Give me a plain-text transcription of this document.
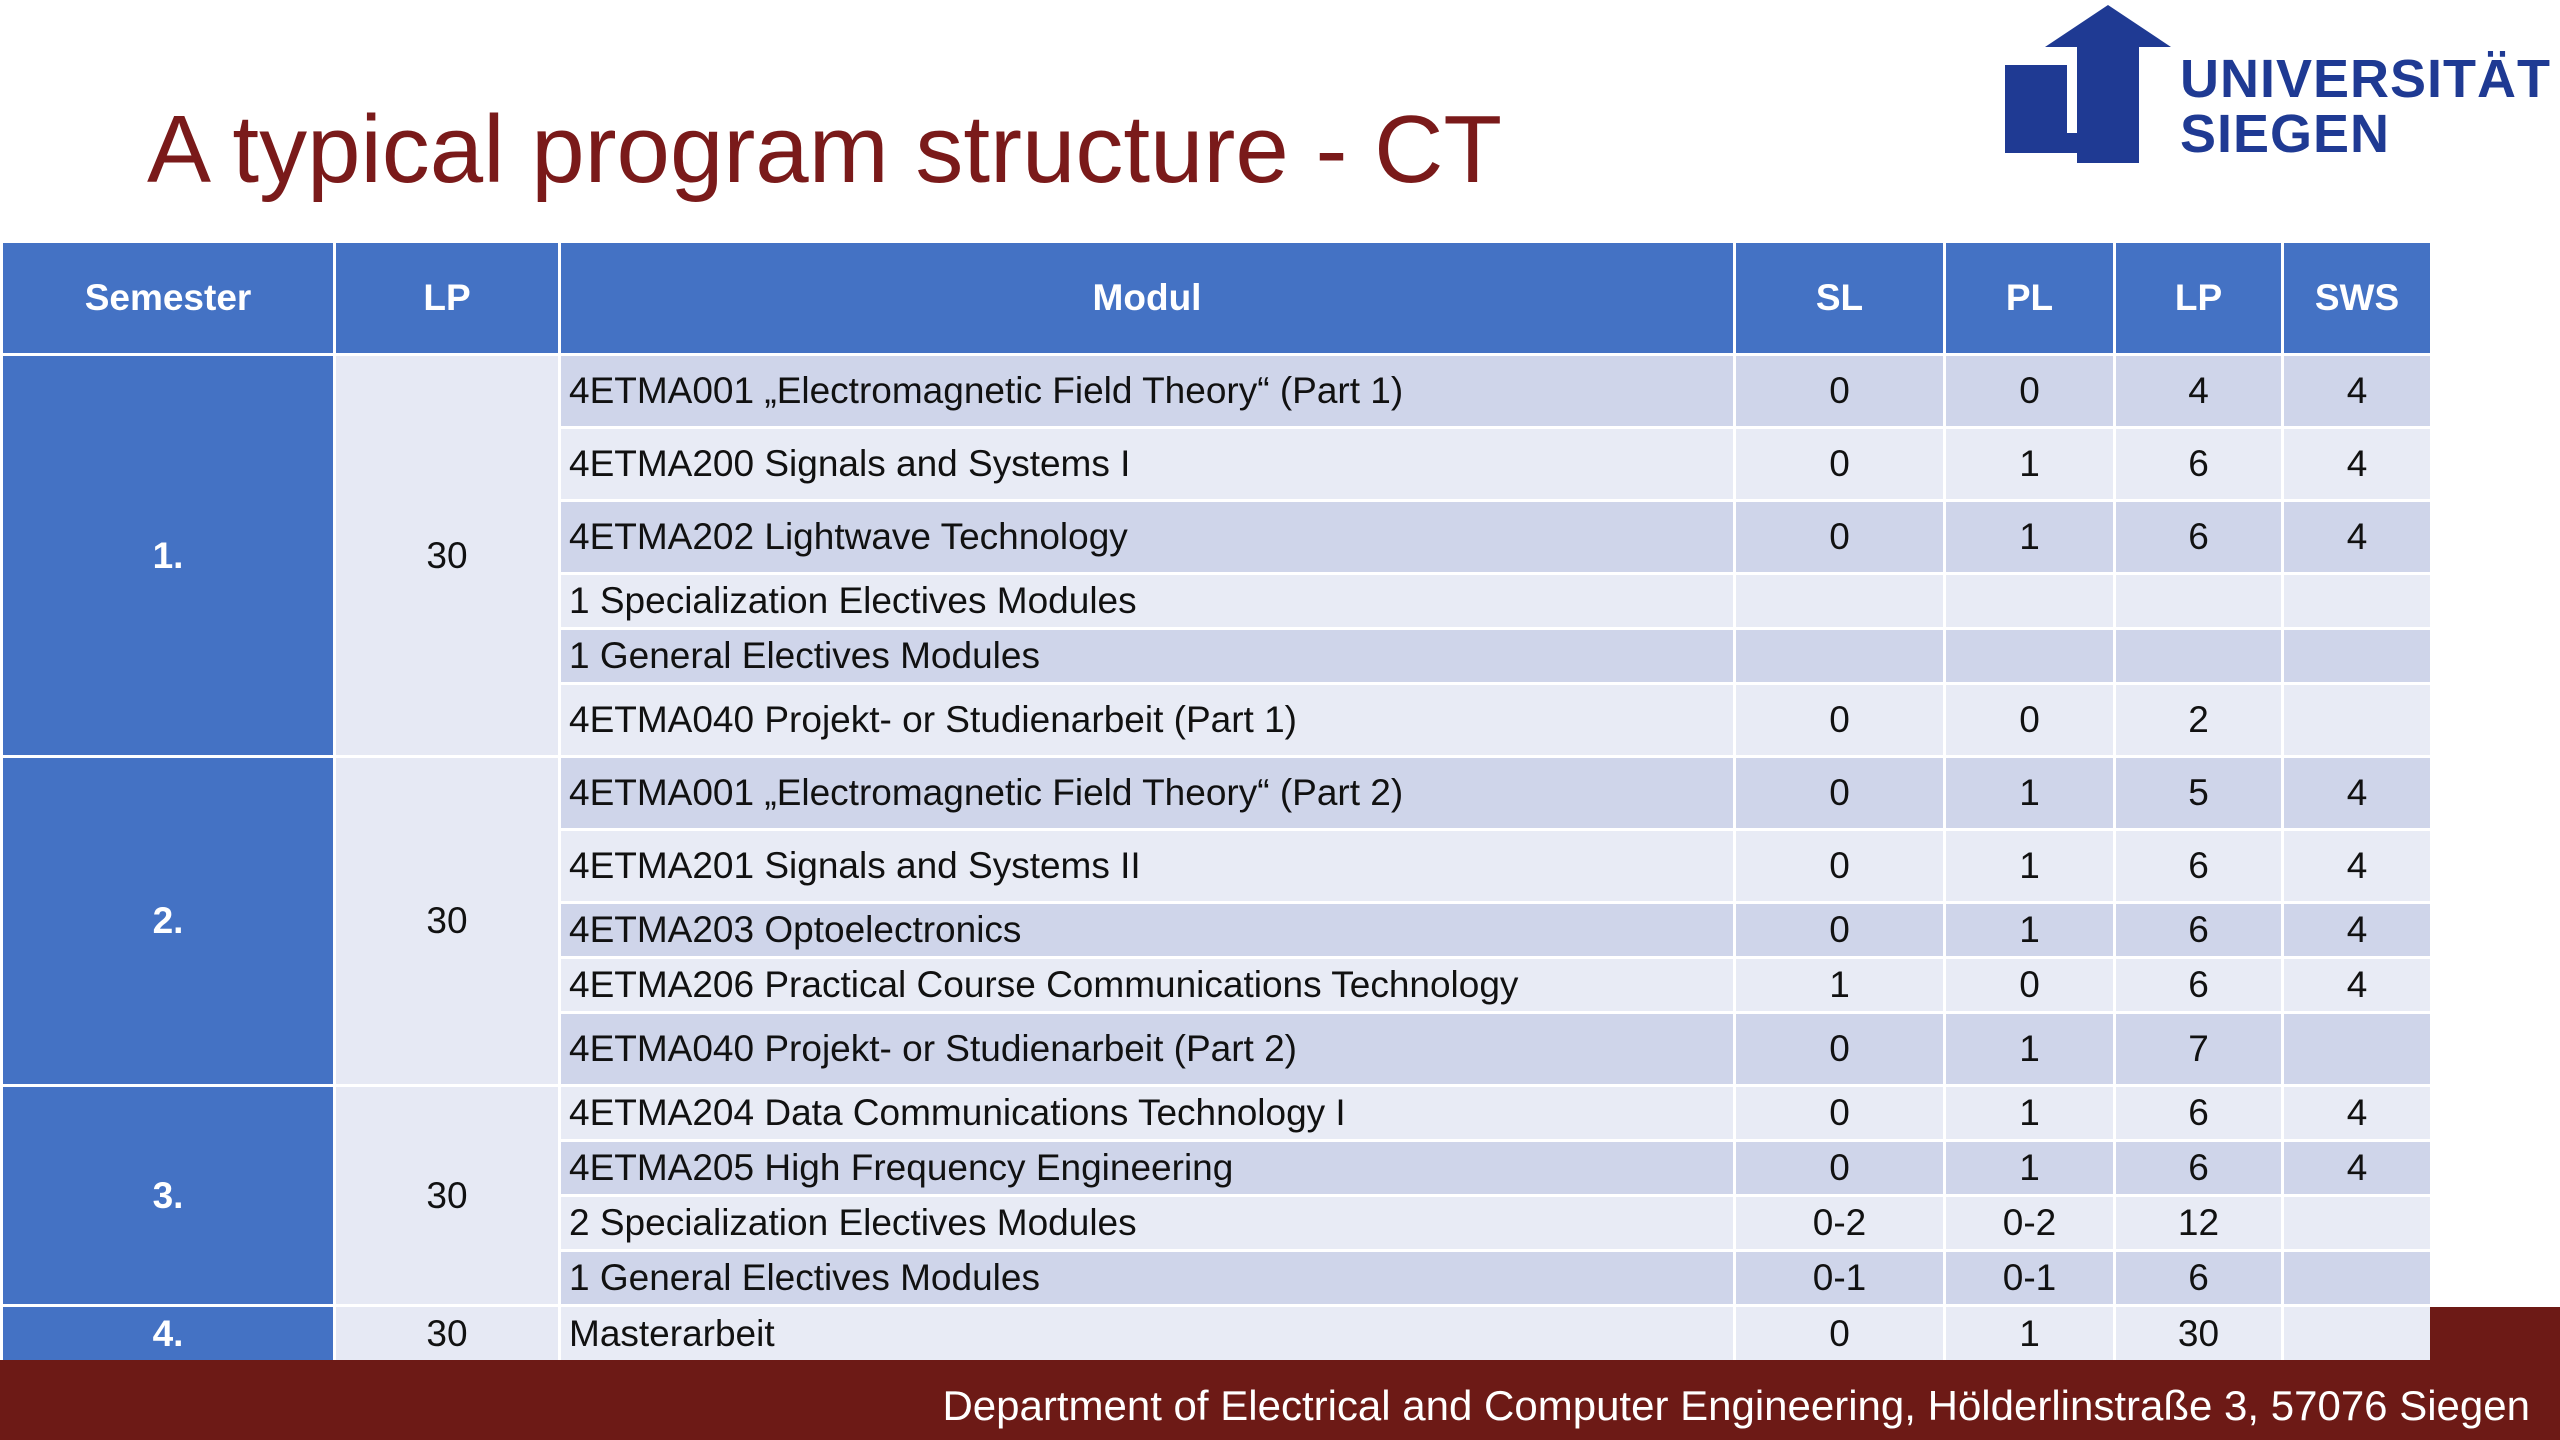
A typical program structure - CT
UNIVERSITÄT
SIEGEN
Semester	LP	Modul	SL	PL	LP	SWS
1.	30	4ETMA001 „Electromagnetic Field Theory“ (Part 1)	0	0	4	4
		4ETMA200 Signals and Systems I	0	1	6	4
		4ETMA202 Lightwave Technology	0	1	6	4
		1 Specialization Electives Modules				
		1 General Electives Modules				
		4ETMA040 Projekt- or Studienarbeit (Part 1)	0	0	2	
2.	30	4ETMA001 „Electromagnetic Field Theory“ (Part 2)	0	1	5	4
		4ETMA201 Signals and Systems II	0	1	6	4
		4ETMA203 Optoelectronics	0	1	6	4
		4ETMA206 Practical Course Communications Technology	1	0	6	4
		4ETMA040 Projekt- or Studienarbeit (Part 2)	0	1	7	
3.	30	4ETMA204 Data Communications Technology I	0	1	6	4
		4ETMA205 High Frequency Engineering	0	1	6	4
		2 Specialization Electives Modules	0-2	0-2	12	
		1 General Electives Modules	0-1	0-1	6	
4.	30	Masterarbeit	0	1	30	
Department of Electrical and Computer Engineering, Hölderlinstraße 3, 57076 Siegen
